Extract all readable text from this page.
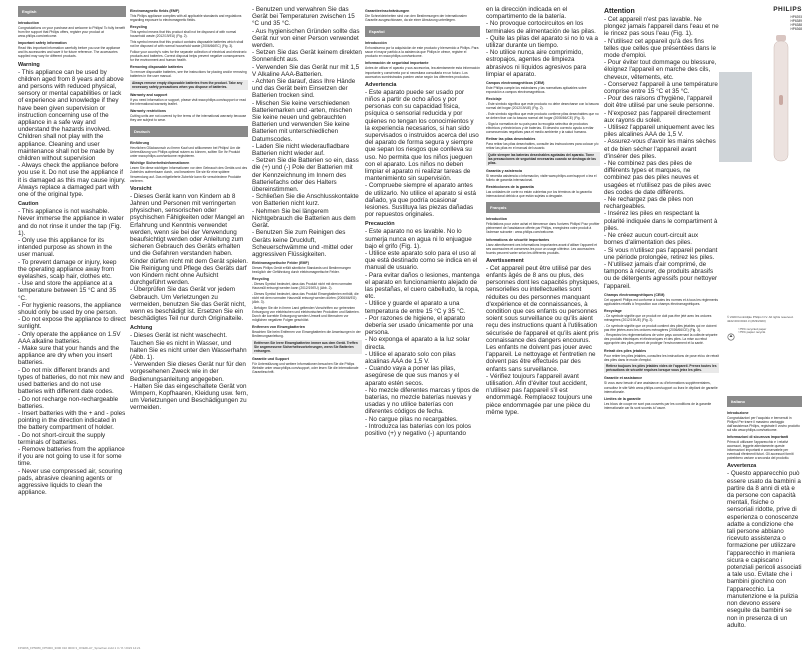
English
Introduction
Congratulations on your purchase and welcome to Philips! To fully benefit from the support that Philips offers, register your product at www.philips.com/welcome.
Important safety information
Read this important information carefully before you use the appliance and its accessories and save it for future reference. The accessories supplied may vary for different products.
Warning
- This appliance can be used by children aged from 8 years and above and persons with reduced physical, sensory or mental capabilities or lack of experience and knowledge if they have been given supervision or instruction concerning use of the appliance in a safe way and understand the hazards involved. Children shall not play with the appliance. Cleaning and user maintenance shall not be made by children without supervision
- Always check the appliance before you use it. Do not use the appliance if it is damaged as this may cause injury. Always replace a damaged part with one of the original type.
Caution
- This appliance is not washable. Never immerse the appliance in water and do not rinse it under the tap (Fig. 1).
- Only use this appliance for its intended purpose as shown in the user manual.
- To prevent damage or injury, keep the operating appliance away from eyelashes, scalp hair, clothes etc.
- Use and store the appliance at a temperature between 15 °C and 35 °C.
- For hygienic reasons, the appliance should only be used by one person.
- Do not expose the appliance to direct sunlight.
- Only operate the appliance on 1.5V AAA alkaline batteries.
- Make sure that your hands and the appliance are dry when you insert batteries.
- Do not mix different brands and types of batteries, do not mix new and used batteries and do not use batteries with different date codes.
- Do not recharge non-rechargeable batteries.
- Insert batteries with the + and - poles pointing in the direction indicated in the battery compartment of holder.
- Do not short-circuit the supply terminals of batteries.
- Remove batteries from the appliance if you are not going to use it for some time.
- Never use compressed air, scouring pads, abrasive cleaning agents or aggressive liquids to clean the appliance.
Electromagnetic fields (EMF)
This Philips appliance complies with all applicable standards and regulations regarding exposure to electromagnetic fields.
Recycling
This symbol means that this product shall not be disposed of with normal household waste (2012/19/EU) (Fig. 2).
This symbol means that this product contains disposable batteries which shall not be disposed of with normal household waste (2006/66/EC) (Fig. 3).
Follow your country's rules for the separate collection of electrical and electronic products and batteries. Correct disposal helps prevent negative consequences for the environment and human health.
Removing disposable batteries
To remove disposable batteries, see the instructions for placing and/or removing batteries in the user manual.
Always remove empty disposable batteries from the product. Take any necessary safety precautions when you dispose of batteries.
Warranty and support
If you need information or support, please visit www.philips.com/support or read the international warranty leaflet.
Warranty restrictions
Cutting units are not covered by the terms of the international warranty because they are subject to wear.
Deutsch
Einführung
Herzlichen Glückwunsch zu Ihrem Kauf und willkommen bei Philips! Um die Unterstützung von Philips optimal nutzen zu können, sollten Sie Ihr Produkt unter www.philips.com/welcome registrieren.
Wichtige Sicherheitsinformationen
Lesen Sie diese wichtigen Informationen vor dem Gebrauch des Geräts und des Zubehörs aufmerksam durch, und bewahren Sie sie für eine spätere Verwendung auf. Das mitgelieferte Zubehör kann für verschiedene Produkte variieren.
Vorsicht
- Dieses Gerät kann von Kindern ab 8 Jahren und Personen mit verringerten physischen, sensorischen oder psychischen Fähigkeiten oder Mangel an Erfahrung und Kenntnis verwendet werden, wenn sie bei der Verwendung beaufsichtigt werden oder Anleitung zum sicheren Gebrauch des Geräts erhalten und die Gefahren verstanden haben. Kinder dürfen nicht mit dem Gerät spielen. Die Reinigung und Pflege des Geräts darf von Kindern nicht ohne Aufsicht durchgeführt werden.
- Überprüfen Sie das Gerät vor jedem Gebrauch. Um Verletzungen zu vermeiden, benutzen Sie das Gerät nicht, wenn es beschädigt ist. Ersetzen Sie ein beschädigtes Teil nur durch Originalteile.
Achtung
- Dieses Gerät ist nicht waschecht. Tauchen Sie es nicht in Wasser, und halten Sie es nicht unter den Wasserhahn (Abb. 1).
- Verwenden Sie dieses Gerät nur für den vorgesehenen Zweck wie in der Bedienungsanleitung angegeben.
- Halten Sie das eingeschaltete Gerät von Wimpern, Kopfhaaren, Kleidung usw. fern, um Verletzungen und Beschädigungen zu vermeiden.
- Benutzen und verwahren Sie das Gerät bei Temperaturen zwischen 15 °C und 35 °C.
- Aus hygienischen Gründen sollte das Gerät nur von einer Person verwendet werden.
- Setzen Sie das Gerät keinem direkten Sonnenlicht aus.
- Verwenden Sie das Gerät nur mit 1,5 V Alkaline AAA-Batterien.
- Achten Sie darauf, dass Ihre Hände und das Gerät beim Einsetzen der Batterien trocken sind.
- Mischen Sie keine verschiedenen Batteriemarken und -arten, mischen Sie keine neuen und gebrauchten Batterien und verwenden Sie keine Batterien mit unterschiedlichen Datumscodes.
- Laden Sie nicht wiederaufladbare Batterien nicht wieder auf.
- Setzen Sie die Batterien so ein, dass die (+) und (-) Pole der Batterien mit der Kennzeichnung im Innern des Batteriefachs oder des Halters übereinstimmen.
- Schließen Sie die Anschlusskontakte von Batterien nicht kurz.
- Nehmen Sie bei längerem Nichtgebrauch die Batterien aus dem Gerät.
- Benutzen Sie zum Reinigen des Geräts keine Druckluft, Scheuerschwämme und -mittel oder aggressiven Flüssigkeiten.
Elektromagnetische Felder (EMF)
Dieses Philips Gerät erfüllt sämtliche Standards und Bestimmungen bezüglich der Gefährdung durch elektromagnetische Felder.
Recycling
- Dieses Symbol bedeutet, dass das Produkt nicht mit dem normalen Hausmüll entsorgt werden kann (2012/19/EU) (Abb. 2).
- Dieses Symbol bedeutet, dass das Produkt Einwegbatterien enthält, die nicht mit dem normalen Hausmüll entsorgt werden dürfen (2006/66/EG) (Abb. 3).
- Befolgen Sie die in Ihrem Land geltenden Vorschriften zur getrennten Entsorgung von elektrischen und elektronischen Produkten und Batterien. Durch die korrekte Entsorgung werden Umwelt und Menschen vor möglichen negativen Folgen geschützt.
Entfernen von Einwegbatterien
Beachten Sie beim Entfernen von Einwegbatterien die Anweisungen in der Bedienungsanleitung.
Entfernen Sie leere Einwegbatterien immer aus dem Gerät. Treffen Sie angemessene Sicherheitsvorkehrungen, wenn Sie Batterien entsorgen.
Garantie und Support
Für Unterstützung und weitere Informationen besuchen Sie die Philips Website unter www.philips.com/support, oder lesen Sie die internationale Garantieschrift.
Garantieeinschränkungen
Die Schneideinheiten sind von den Bestimmungen der internationalen Garantie ausgeschlossen, da sie einer Abnutzung unterliegen.
Español
Introducción
Enhorabuena por la adquisición de este producto y bienvenido a Philips. Para sacar el mayor partido a la asistencia que Philips le ofrece, registre el producto en www.philips.com/welcome.
Información de seguridad importante
Antes de utilizar el aparato y sus accesorios, lea atentamente esta información importante y consérvela por si necesitara consultarla en un futuro. Los accesorios suministrados pueden variar según los diferentes productos.
Advertencia
- Este aparato puede ser usado por niños a partir de ocho años y por personas con su capacidad física, psíquica o sensorial reducida y por quienes no tengan los conocimientos y la experiencia necesarios, si han sido supervisados o instruidos acerca del uso del aparato de forma segura y siempre que sepan los riesgos que conlleva su uso. No permita que los niños jueguen con el aparato. Los niños no deben limpiar el aparato ni realizar tareas de mantenimiento sin supervisión.
- Compruebe siempre el aparato antes de utilizarlo. No utilice el aparato si está dañado, ya que podría ocasionar lesiones. Sustituya las piezas dañadas por repuestos originales.
Precaución
- Este aparato no es lavable. No lo sumerja nunca en agua ni lo enjuague bajo el grifo (Fig. 1).
- Utilice este aparato solo para el uso al que está destinado como se indica en el manual de usuario.
- Para evitar daños o lesiones, mantenga el aparato en funcionamiento alejado de las pestañas, el cuero cabelludo, la ropa, etc.
- Utilice y guarde el aparato a una temperatura de entre 15 °C y 35 °C.
- Por razones de higiene, el aparato debería ser usado únicamente por una persona.
- No exponga el aparato a la luz solar directa.
- Utilice el aparato solo con pilas alcalinas AAA de 1,5 V.
- Cuando vaya a poner las pilas, asegúrese de que sus manos y el aparato estén secos.
- No mezcle diferentes marcas y tipos de baterías, no mezcle baterías nuevas y usadas y no utilice baterías con diferentes códigos de fecha.
- No cargue pilas no recargables.
- Introduzca las baterías con los polos positivo (+) y negativo (-) apuntando
en la dirección indicada en el compartimento de la batería.
- No provoque cortocircuitos en los terminales de alimentación de las pilas.
- Quite las pilas del aparato si no lo va a utilizar durante un tiempo.
- No utilice nunca aire comprimido, estropajos, agentes de limpieza abrasivos ni líquidos agresivos para limpiar el aparato.
Campos electromagnéticos (CEM)
Este Philips cumple los estándares y las normativas aplicables sobre exposición a campos electromagnéticos.
Reciclaje
- Este símbolo significa que este producto no debe desecharse con la basura normal del hogar (2012/19/UE) (Fig. 2).
- Este símbolo significa que este producto contiene pilas desechables que no se deben tirar con la basura normal del hogar (2006/66/CE) (Fig. 3).
- Siga la normativa de su país para la recogida selectiva de productos eléctricos y electrónicos y de baterías. El desecho correcto ayuda a evitar consecuencias negativas para el medio ambiente y la salud humana.
Retirar las pilas desechables
Para retirar las pilas desechables, consulte las instrucciones para colocar y/o retirar las pilas en el manual del usuario.
Quite siempre las baterías desechables agotadas del aparato. Tome las precauciones de seguridad necesarias cuando se deshaga de las pilas.
Garantía y asistencia
Si necesita asistencia o información, visite www.philips.com/support o lea el folleto de garantía internacional.
Restricciones de la garantía
Las unidades de corte no están cubiertas por los términos de la garantía internacional debido a que están sujetas a desgaste.
Français
Introduction
Félicitations pour votre achat et bienvenue dans l'univers Philips! Pour profiter pleinement de l'assistance offerte par Philips, enregistrez votre produit à l'adresse suivante : www.philips.com/welcome.
Informations de sécurité importantes
Lisez attentivement ces informations importantes avant d'utiliser l'appareil et ses accessoires et conservez-les pour un usage ultérieur. Les accessoires fournis peuvent varier selon les différents produits.
Avertissement
- Cet appareil peut être utilisé par des enfants âgés de 8 ans ou plus, des personnes dont les capacités physiques, sensorielles ou intellectuelles sont réduites ou des personnes manquant d'expérience et de connaissances, à condition que ces enfants ou personnes soient sous surveillance ou qu'ils aient reçu des instructions quant à l'utilisation sécurisée de l'appareil et qu'ils aient pris connaissance des dangers encourus. Les enfants ne doivent pas jouer avec l'appareil. Le nettoyage et l'entretien ne doivent pas être effectués par des enfants sans surveillance.
- Vérifiez toujours l'appareil avant utilisation. Afin d'éviter tout accident, n'utilisez pas l'appareil s'il est endommagé. Remplacez toujours une pièce endommagée par une pièce du même type.
Attention
- Cet appareil n'est pas lavable. Ne plongez jamais l'appareil dans l'eau et ne le rincez pas sous l'eau (Fig. 1).
- N'utilisez cet appareil qu'à des fins telles que celles que présentées dans le mode d'emploi.
- Pour éviter tout dommage ou blessure, éloignez l'appareil en marche des cils, cheveux, vêtements, etc.
- Conservez l'appareil à une température comprise entre 15 °C et 35 °C.
- Pour des raisons d'hygiène, l'appareil doit être utilisé par une seule personne.
- N'exposez pas l'appareil directement aux rayons du soleil.
- Utilisez l'appareil uniquement avec les piles alcalines AAA de 1,5 V.
- Assurez-vous d'avoir les mains sèches et de bien sécher l'appareil avant d'insérer des piles.
- Ne combinez pas des piles de différents types et marques, ne combinez pas des piles neuves et usagées et n'utilisez pas de piles avec des codes de date différents.
- Ne rechargez pas de piles non rechargeables.
- Insérez les piles en respectant la polarité indiquée dans le compartiment à piles.
- Ne créez aucun court-circuit aux bornes d'alimentation des piles.
- Si vous n'utilisez pas l'appareil pendant une période prolongée, retirez les piles.
- N'utilisez jamais d'air comprimé, de tampons à récurer, de produits abrasifs ou de détergents agressifs pour nettoyer l'appareil.
Champs électromagnétiques (CEM)
Cet appareil Philips est conforme à toutes les normes et à tous les règlements applicables relatifs à l'exposition aux champs électromagnétiques.
Recyclage
- Ce symbole signifie que ce produit ne doit pas être jeté avec les ordures ménagères (2012/19/UE) (Fig. 2).
- Ce symbole signifie que ce produit contient des piles jetables qui ne doivent pas être jetées avec les ordures ménagères (2006/66/CE) (Fig. 3).
- Respectez les réglementations de votre pays concernant la collecte séparée des produits électriques et électroniques et des piles. La mise au rebut appropriée des piles permet de protéger l'environnement et la santé.
Retrait des piles jetables
Pour retirer les piles jetables, consultez les instructions de pose et/ou de retrait des piles dans le mode d'emploi.
Retirez toujours les piles jetables vides de l'appareil. Prenez toutes les précautions de sécurité requises lorsque vous jetez les piles.
Garantie et assistance
Si vous avez besoin d'une assistance ou d'informations supplémentaires, consultez le site Web www.philips.com/support ou lisez le dépliant de garantie internationale.
Limites de la garantie
Les blocs de coupe ne sont pas couverts par les conditions de la garantie internationale car ils sont soumis à l'usure.
PHILIPS
HP6393
HP6389
HP6388
HP6368
© 2020 Koninklijke Philips N.V. All rights reserved. 4222.003.0010.3 (26/3/2023)
>75% recycled paper
>75% papier recyclé
Italiano
Introduzione
Congratulazioni per l'acquisto e benvenuti in Philips! Per trarre il massimo vantaggio dall'assistenza Philips, registrate il vostro prodotto sul sito www.philips.com/welcome.
Informazioni di sicurezza importanti
Prima di utilizzare l'apparecchio e i relativi accessori, leggete attentamente queste informazioni importanti e conservatele per eventuali riferimenti futuri. Gli accessori forniti potrebbero variare a seconda del prodotto.
Avvertenza
- Questo apparecchio può essere usato da bambini a partire da 8 anni di età e da persone con capacità mentali, fisiche o sensoriali ridotte, prive di esperienza o conoscenze adatte a condizione che tali persone abbiano ricevuto assistenza o formazione per utilizzare l'apparecchio in maniera sicura e capiscano i potenziali pericoli associati a tale uso. Evitate che i bambini giochino con l'apparecchio. La manutenzione e la pulizia non devono essere eseguite da bambini se non in presenza di un adulto.
FP4066_FP5080_FP5000_3000 010 0000 3_OVERLAY_Sprachen.indd 1 3 / 8 / 2023 14:21
